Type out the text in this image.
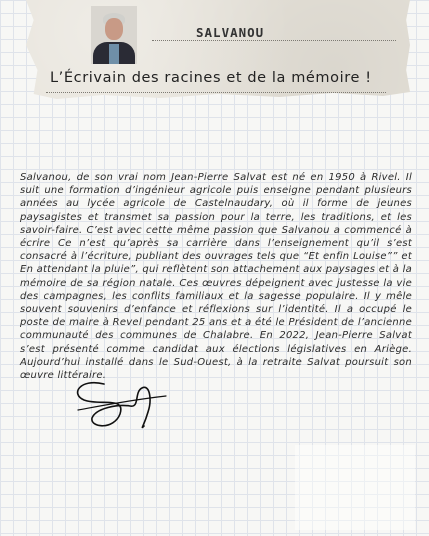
SALVANOU
L’Écrivain des racines et de la mémoire !

Salvanou, de son vrai nom Jean-Pierre Salvat est né en 1950 à Rivel. Il suit une formation d’ingénieur agricole puis enseigne pendant plusieurs années au lycée agricole de Castelnaudary, où il forme de jeunes paysagistes et transmet sa passion pour la terre, les traditions, et les savoir-faire. C’est avec cette même passion que Salvanou a commencé à écrire Ce n’est qu’après sa carrière dans l’enseignement qu’il s’est consacré à l’écriture, publiant des ouvrages tels que “Et enfin Louise”” et En attendant la pluie”, qui reflètent son attachement aux paysages et à la mémoire de sa région natale. Ces œuvres dépeignent avec justesse la vie des campagnes, les conflits familiaux et la sagesse populaire. Il y mêle souvent souvenirs d’enfance et réflexions sur l’identité. Il a occupé le poste de maire à Revel pendant 25 ans et a été le Président de l’ancienne communauté des communes de Chalabre. En 2022, Jean-Pierre Salvat s’est présenté comme candidat aux élections législatives en Ariège. Aujourd’hui installé dans le Sud-Ouest, à la retraite Salvat poursuit son œuvre littéraire.
